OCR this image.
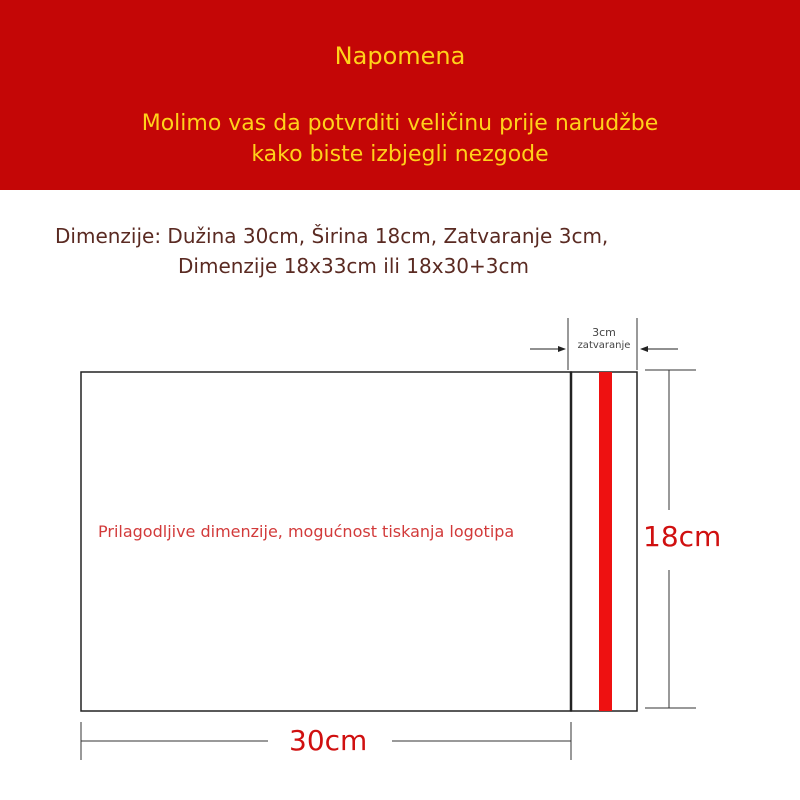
Napomena
Molimo vas da potvrditi veličinu prije narudžbe
kako biste izbjegli nezgode
Dimenzije: Dužina 30cm, Širina 18cm, Zatvaranje 3cm,
Dimenzije 18x33cm ili 18x30+3cm
Prilagodljive dimenzije, mogućnost tiskanja logotipa
3cm
zatvaranje
18cm
30cm
